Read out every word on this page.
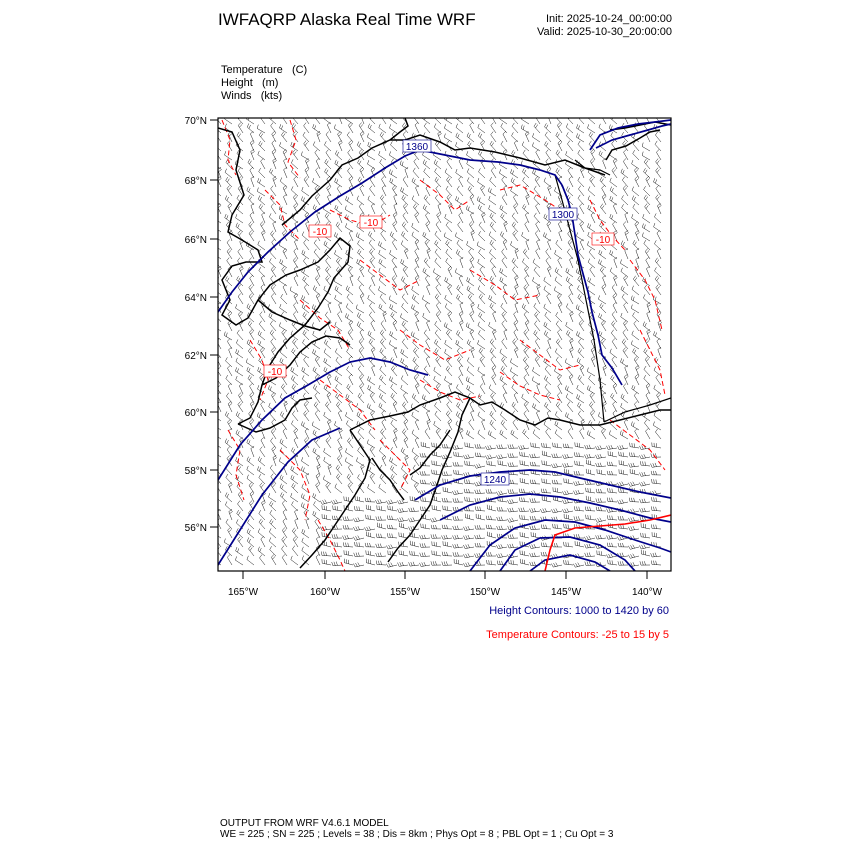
IWFAQRP Alaska Real Time WRF	Init: 2025-10-24_00:00:00
Valid: 2025-10-30_20:00:00
Temperature (C)
Height (m)
Winds (kts)
1360
1300
1240
-10
-10
-10
-10
70°N
68°N
66°N
64°N
62°N
60°N
58°N
56°N
165°W	160°W	155°W	150°W	145°W	140°W
Height Contours: 1000 to 1420 by 60
Temperature Contours: -25 to 15 by 5
OUTPUT FROM WRF V4.6.1 MODEL
WE = 225 ; SN = 225 ; Levels = 38 ; Dis = 8km ; Phys Opt = 8 ; PBL Opt = 1 ; Cu Opt = 3
